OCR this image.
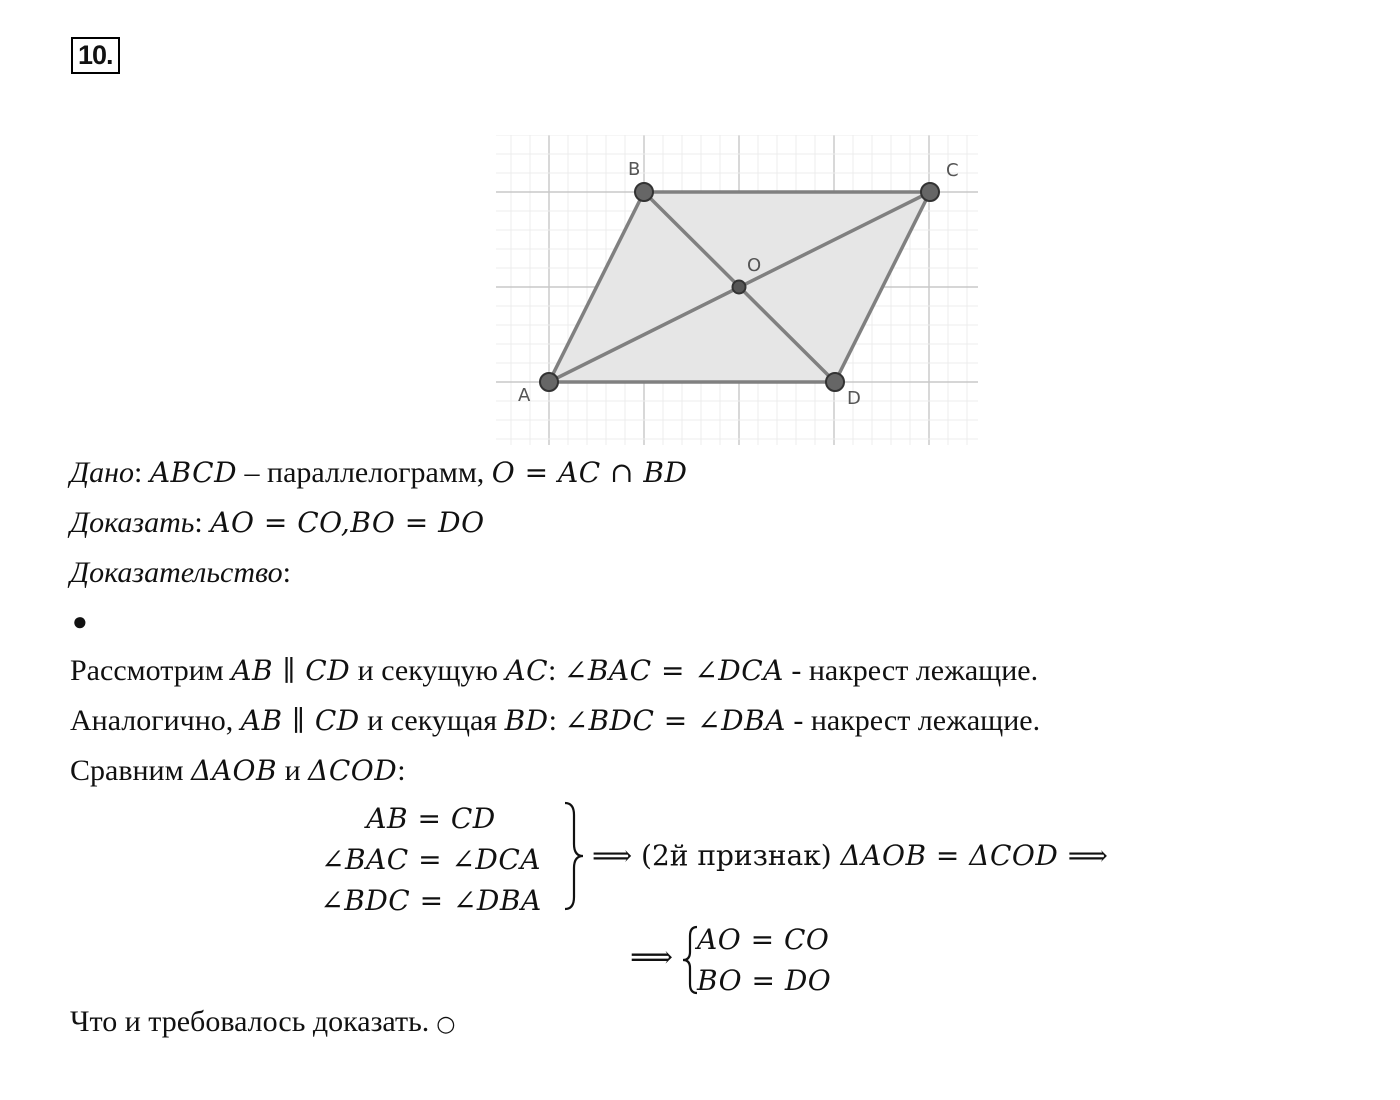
10.
A
B	C
D
O
Дано: ABCD – параллелограмм, O = AC ∩ BD
Доказать: AO = CO,BO = DO
Доказательство:
●
Рассмотрим AB ∥ CD и секущую AC: ∠BAC = ∠DCA - накрест лежащие.
Аналогично, AB ∥ CD и секущая BD: ∠BDC = ∠DBA - накрест лежащие.
Сравним ΔAOB и ΔCOD:
AB = CD
∠BAC = ∠DCA
∠BDC = ∠DBA
⟹ (2й признак) ΔAOB = ΔCOD ⟹
⟹
AO = CO
BO = DO
Что и требовалось доказать. ○
